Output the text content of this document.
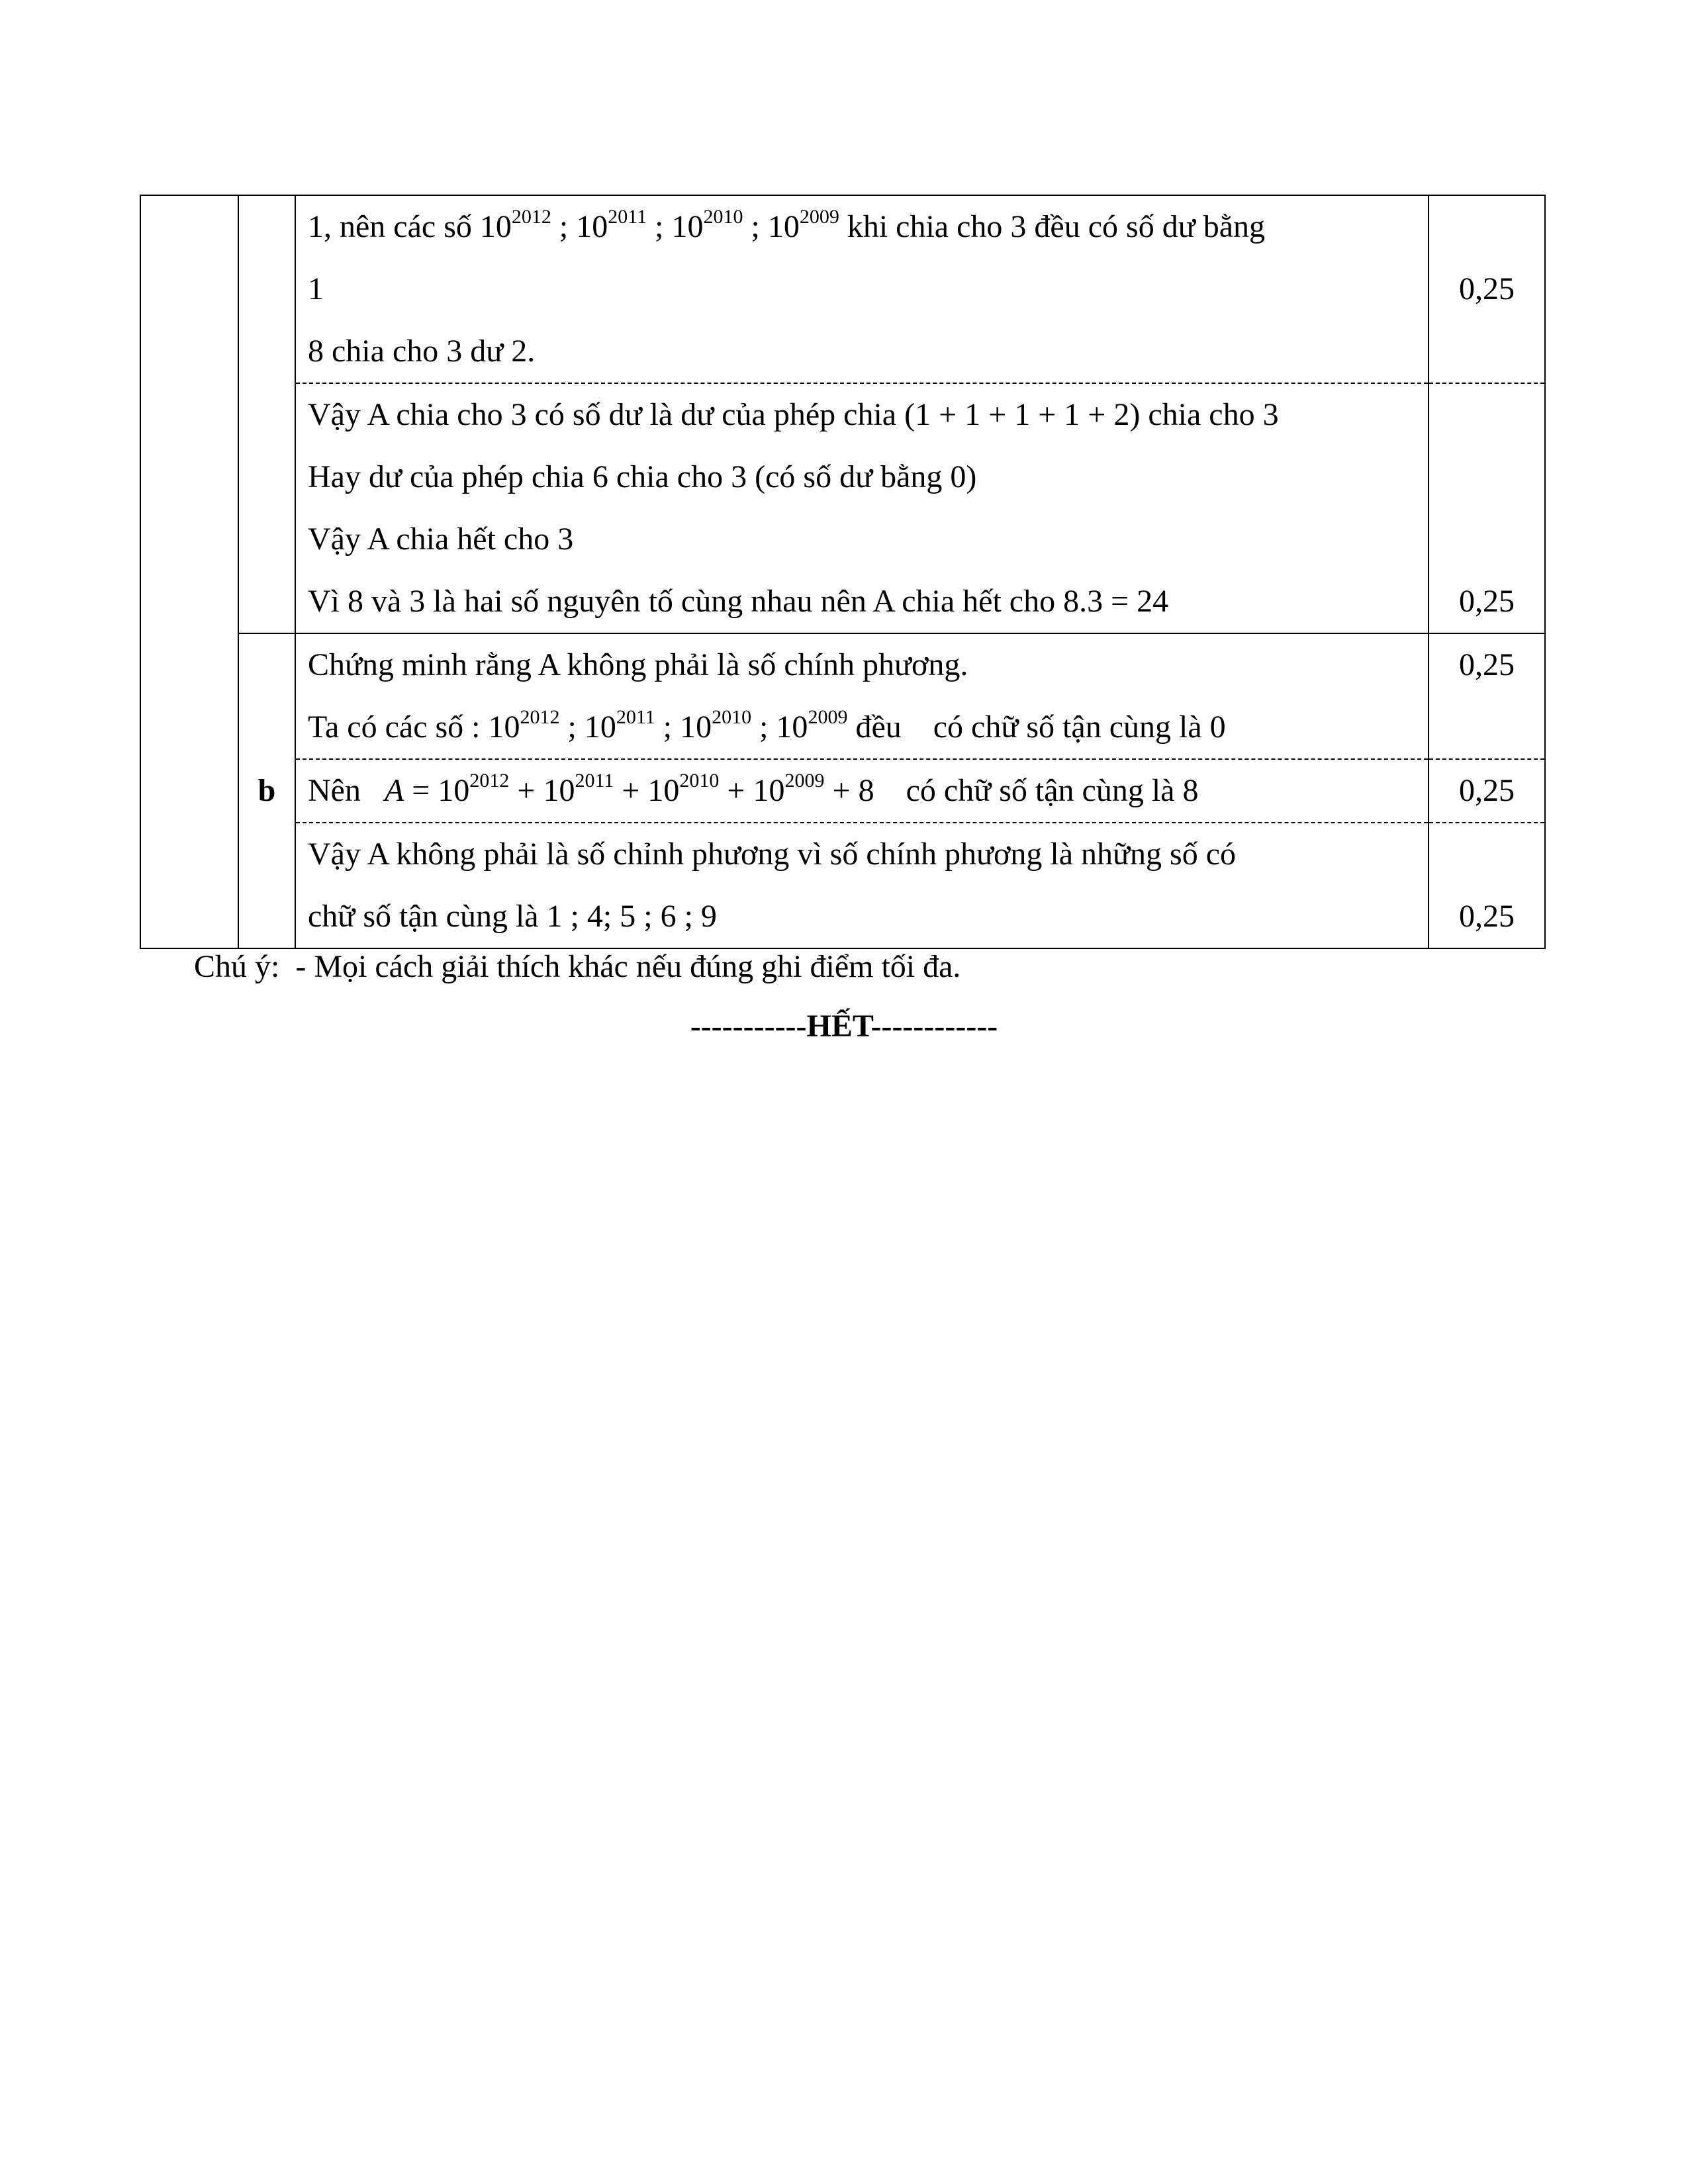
		1, nên các số $10^{2012}$ ; $10^{2011}$ ; $10^{2010}$ ; $10^{2009}$ khi chia cho 3 đều có số dư bằng
1
8 chia cho 3 dư 2.	0,25

		Vậy A chia cho 3 có số dư là dư của phép chia (1 + 1 + 1 + 1 + 2) chia cho 3
Hay dư của phép chia 6 chia cho 3 (có số dư bằng 0)
Vậy A chia hết cho 3
Vì 8 và 3 là hai số nguyên tố cùng nhau nên A chia hết cho 8.3 = 24	0,25

	b	Chứng minh rằng A không phải là số chính phương.
Ta có các số : $10^{2012}$ ; $10^{2011}$ ; $10^{2010}$ ; $10^{2009}$ đều    có chữ số tận cùng là 0	0,25

		Nên $A = 10^{2012} + 10^{2011} + 10^{2010} + 10^{2009} + 8$ có chữ số tận cùng là 8	0,25

		Vậy A không phải là số chỉnh phương vì số chính phương là những số có
chữ số tận cùng là 1 ; 4; 5 ; 6 ; 9	0,25
Chú ý: - Mọi cách giải thích khác nếu đúng ghi điểm tối đa.
-----------HẾT------------
